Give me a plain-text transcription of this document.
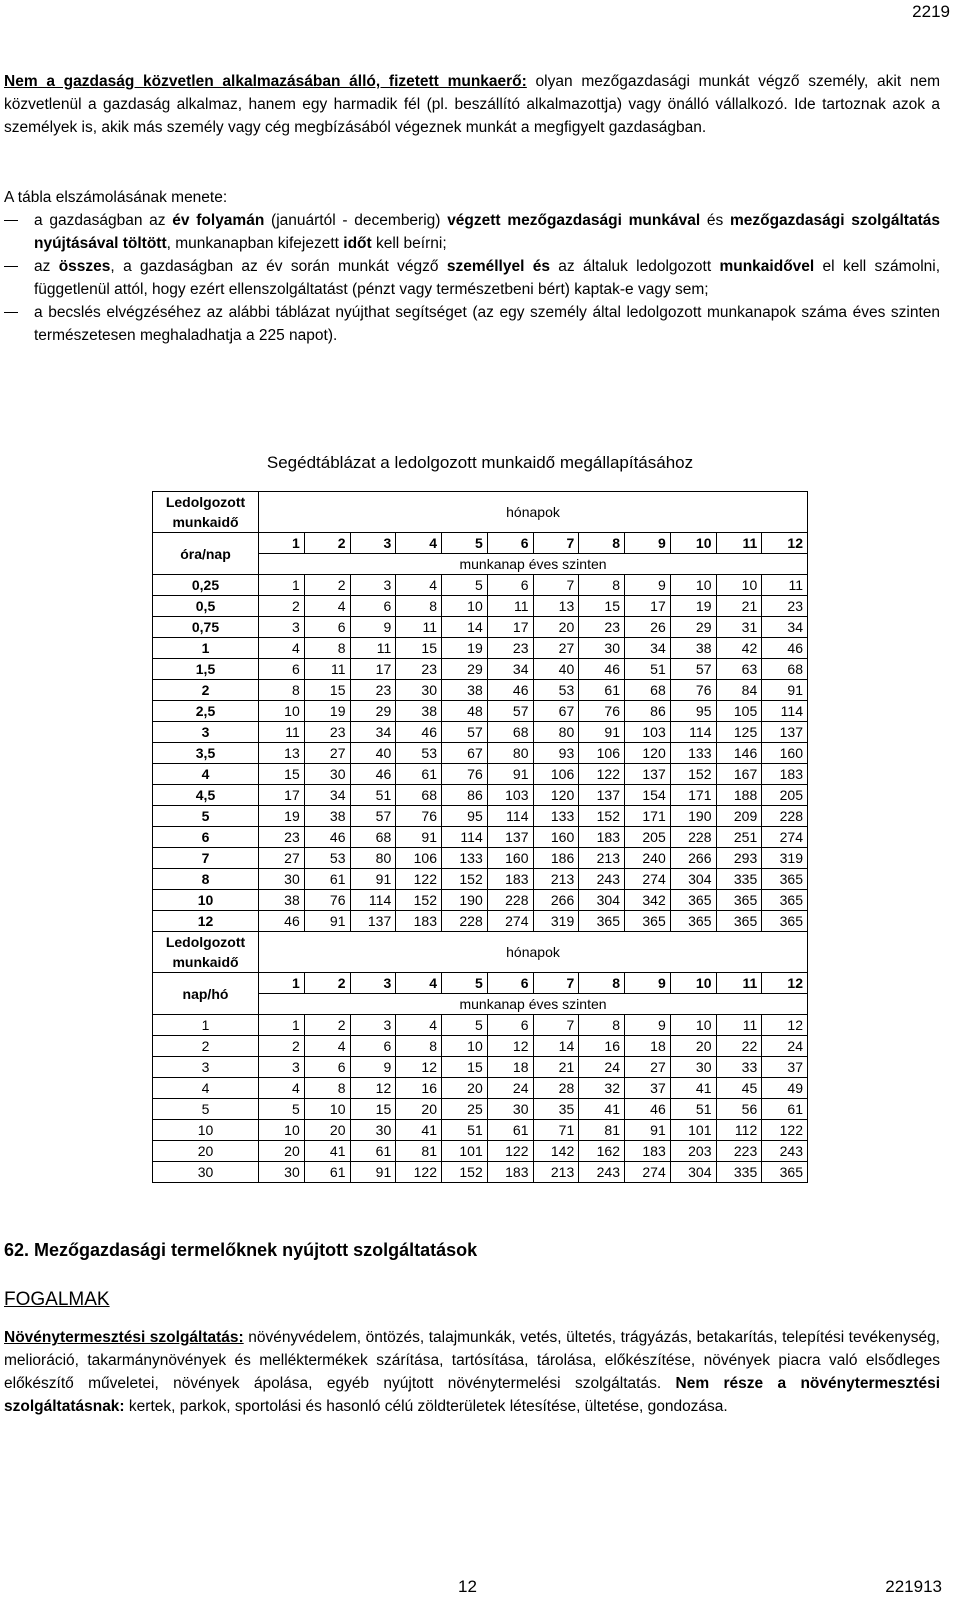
2219
Nem a gazdaság közvetlen alkalmazásában álló, fizetett munkaerő: olyan mezőgazdasági munkát végző személy, akit nem közvetlenül a gazdaság alkalmaz, hanem egy harmadik fél (pl. beszállító alkalmazottja) vagy önálló vállalkozó. Ide tartoznak azok a személyek is, akik más személy vagy cég megbízásából végeznek munkát a megfigyelt gazdaságban.
A tábla elszámolásának menete:
a gazdaságban az év folyamán (januártól - decemberig) végzett mezőgazdasági munkával és mezőgazdasági szolgáltatás nyújtásával töltött, munkanapban kifejezett időt kell beírni;
az összes, a gazdaságban az év során munkát végző személlyel és az általuk ledolgozott munkaidővel el kell számolni, függetlenül attól, hogy ezért ellenszolgáltatást (pénzt vagy természetbeni bért) kaptak-e vagy sem;
a becslés elvégzéséhez az alábbi táblázat nyújthat segítséget (az egy személy által ledolgozott munkanapok száma éves szinten természetesen meghaladhatja a 225 napot).
Segédtáblázat a ledolgozott munkaidő megállapításához
Ledolgozott munkaidő	hónapok											

óra/nap	1	2	3	4	5	6	7	8	9	10	11	12
	munkanap éves szinten											
0,25	1	2	3	4	5	6	7	8	9	10	10	11
0,5	2	4	6	8	10	11	13	15	17	19	21	23
0,75	3	6	9	11	14	17	20	23	26	29	31	34
1	4	8	11	15	19	23	27	30	34	38	42	46
1,5	6	11	17	23	29	34	40	46	51	57	63	68
2	8	15	23	30	38	46	53	61	68	76	84	91
2,5	10	19	29	38	48	57	67	76	86	95	105	114
3	11	23	34	46	57	68	80	91	103	114	125	137
3,5	13	27	40	53	67	80	93	106	120	133	146	160
4	15	30	46	61	76	91	106	122	137	152	167	183
4,5	17	34	51	68	86	103	120	137	154	171	188	205
5	19	38	57	76	95	114	133	152	171	190	209	228
6	23	46	68	91	114	137	160	183	205	228	251	274
7	27	53	80	106	133	160	186	213	240	266	293	319
8	30	61	91	122	152	183	213	243	274	304	335	365
10	38	76	114	152	190	228	266	304	342	365	365	365
12	46	91	137	183	228	274	319	365	365	365	365	365
Ledolgozott munkaidő	hónapok											

nap/hó	1	2	3	4	5	6	7	8	9	10	11	12
	munkanap éves szinten											
1	1	2	3	4	5	6	7	8	9	10	11	12
2	2	4	6	8	10	12	14	16	18	20	22	24
3	3	6	9	12	15	18	21	24	27	30	33	37
4	4	8	12	16	20	24	28	32	37	41	45	49
5	5	10	15	20	25	30	35	41	46	51	56	61
10	10	20	30	41	51	61	71	81	91	101	112	122
20	20	41	61	81	101	122	142	162	183	203	223	243
30	30	61	91	122	152	183	213	243	274	304	335	365
62. Mezőgazdasági termelőknek nyújtott szolgáltatások
FOGALMAK
Növénytermesztési szolgáltatás: növényvédelem, öntözés, talajmunkák, vetés, ültetés, trágyázás, betakarítás, telepítési tevékenység, melioráció, takarmánynövények és melléktermékek szárítása, tartósítása, tárolása, előkészítése, növények piacra való elsődleges előkészítő műveletei, növények ápolása, egyéb nyújtott növénytermelési szolgáltatás. Nem része a növénytermesztési szolgáltatásnak: kertek, parkok, sportolási és hasonló célú zöldterületek létesítése, ültetése, gondozása.
12	221913
